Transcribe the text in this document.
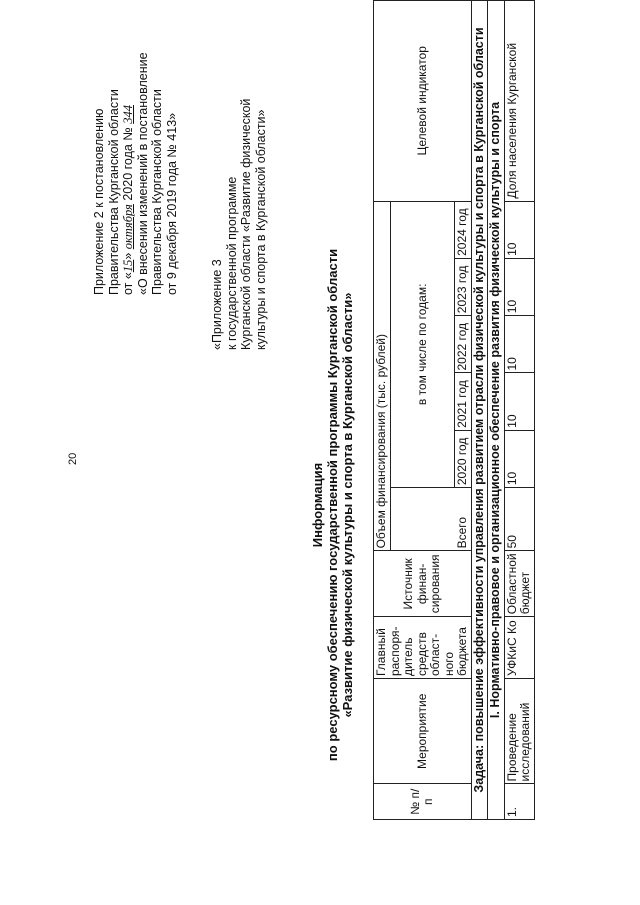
20
Приложение 2 к постановлению Правительства Курганской области от «15» октября 2020 года № 344 «О внесении изменений в постановление Правительства Курганской области от 9 декабря 2019 года № 413»
«Приложение 3 к государственной программе Курганской области «Развитие физической культуры и спорта в Курганской области»
Информация по ресурсному обеспечению государственной программы Курганской области «Развитие физической культуры и спорта в Курганской области»
№ п/п	Мероприятие	Главный распоря-дитель средств област-ного бюджета	Источник финан-сирования	Объем финансирования (тыс. рублей)						Целевой индикатор
				Всего	в том числе по годам:					
					2020 год	2021 год	2022 год	2023 год	2024 год	
Задача: повышение эффективности управления развитием отрасли физической культуры и спорта в Курганской области										
I. Нормативно-правовое и организационное обеспечение развития физической культуры и спорта										
1.	Проведение исследований	УФКиС Ко	Областной бюджет	50	10	10	10	10	10	Доля населения Курганской
